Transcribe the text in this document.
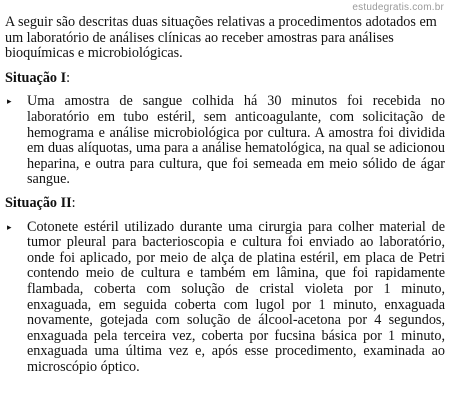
estudegratis.com.br

A seguir são descritas duas situações relativas a procedimentos adotados em um laboratório de análises clínicas ao receber amostras para análises bioquímicas e microbiológicas.

Situação I:
▸ Uma amostra de sangue colhida há 30 minutos foi recebida no laboratório em tubo estéril, sem anticoagulante, com solicitação de hemograma e análise microbiológica por cultura. A amostra foi dividida em duas alíquotas, uma para a análise hematológica, na qual se adicionou heparina, e outra para cultura, que foi semeada em meio sólido de ágar sangue.
Situação II:
▸ Cotonete estéril utilizado durante uma cirurgia para colher material de tumor pleural para bacterioscopia e cultura foi enviado ao laboratório, onde foi aplicado, por meio de alça de platina estéril, em placa de Petri contendo meio de cultura e também em lâmina, que foi rapidamente flambada, coberta com solução de cristal violeta por 1 minuto, enxaguada, em seguida coberta com lugol por 1 minuto, enxaguada novamente, gotejada com solução de álcool-acetona por 4 segundos, enxaguada pela terceira vez, coberta por fucsina básica por 1 minuto, enxaguada uma última vez e, após esse procedimento, examinada ao microscópio óptico.
